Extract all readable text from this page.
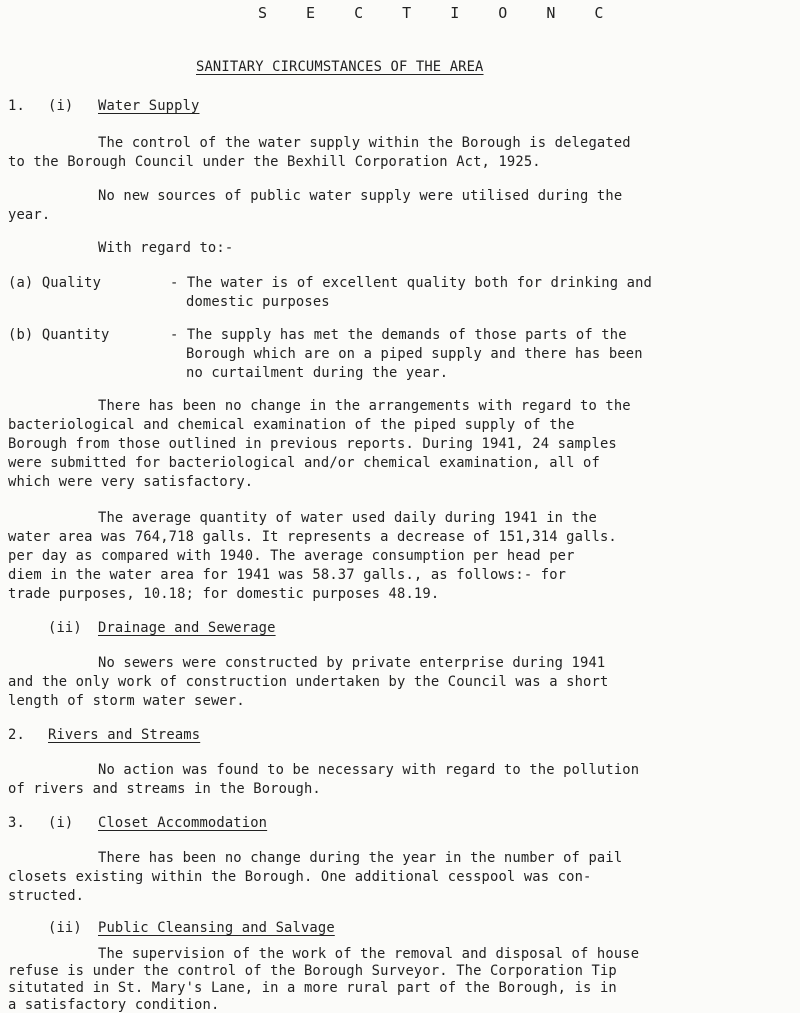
S E C T I O N C
SANITARY CIRCUMSTANCES OF THE AREA
1. (i) Water Supply
The control of the water supply within the Borough is delegated
to the Borough Council under the Bexhill Corporation Act, 1925.
No new sources of public water supply were utilised during the
year.
With regard to:-
(a) Quality	- The water is of excellent quality both for drinking and
domestic purposes
(b) Quantity	- The supply has met the demands of those parts of the
Borough which are on a piped supply and there has been
no curtailment during the year.
There has been no change in the arrangements with regard to the
bacteriological and chemical examination of the piped supply of the
Borough from those outlined in previous reports. During 1941, 24 samples
were submitted for bacteriological and/or chemical examination, all of
which were very satisfactory.
The average quantity of water used daily during 1941 in the
water area was 764,718 galls. It represents a decrease of 151,314 galls.
per day as compared with 1940. The average consumption per head per
diem in the water area for 1941 was 58.37 galls., as follows:- for
trade purposes, 10.18; for domestic purposes 48.19.
(ii) Drainage and Sewerage
No sewers were constructed by private enterprise during 1941
and the only work of construction undertaken by the Council was a short
length of storm water sewer.
2. Rivers and Streams
No action was found to be necessary with regard to the pollution
of rivers and streams in the Borough.
3. (i) Closet Accommodation
There has been no change during the year in the number of pail
closets existing within the Borough. One additional cesspool was con-
structed.
(ii) Public Cleansing and Salvage
The supervision of the work of the removal and disposal of house
refuse is under the control of the Borough Surveyor. The Corporation Tip
situtated in St. Mary's Lane, in a more rural part of the Borough, is in
a satisfactory condition.
